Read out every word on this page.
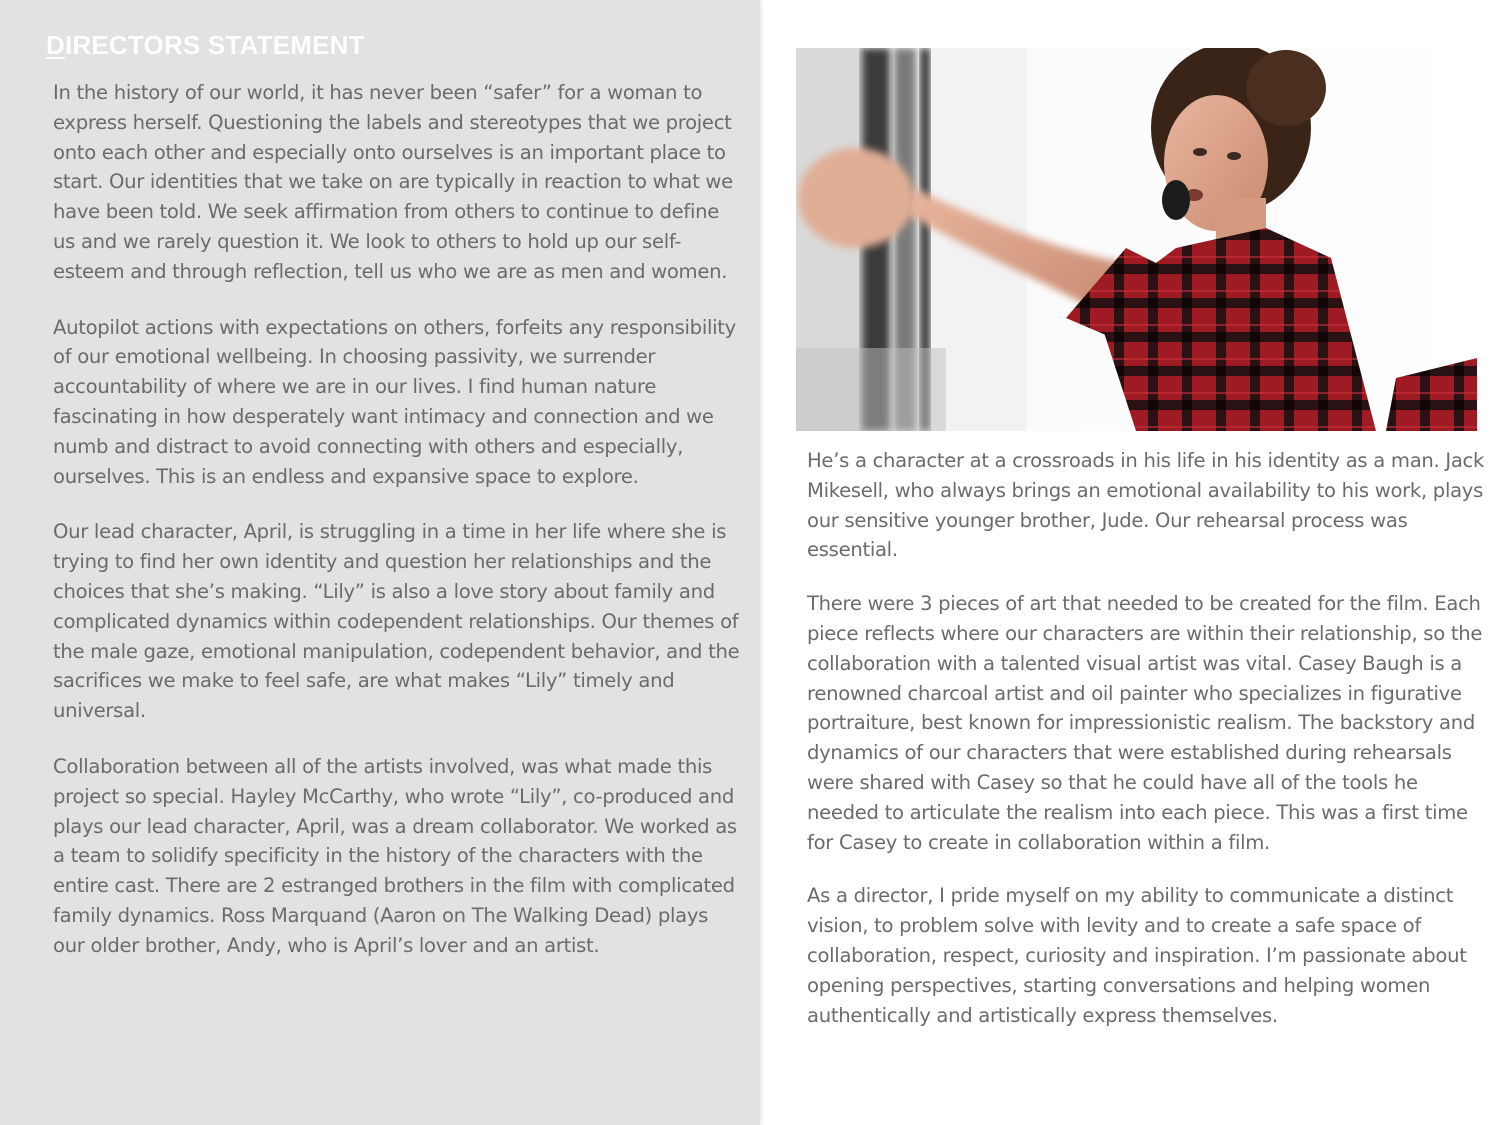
DIRECTORS STATEMENT

In the history of our world, it has never been “safer” for a woman to express herself. Questioning the labels and stereotypes that we project onto each other and especially onto ourselves is an important place to start. Our identities that we take on are typically in reaction to what we have been told. We seek affirmation from others to continue to define us and we rarely question it. We look to others to hold up our self-esteem and through reflection, tell us who we are as men and women.

Autopilot actions with expectations on others, forfeits any responsibility of our emotional wellbeing. In choosing passivity, we surrender accountability of where we are in our lives. I find human nature fascinating in how desperately want intimacy and connection and we numb and distract to avoid connecting with others and especially, ourselves. This is an endless and expansive space to explore.

Our lead character, April, is struggling in a time in her life where she is trying to find her own identity and question her relationships and the choices that she’s making. “Lily” is also a love story about family and complicated dynamics within codependent relationships. Our themes of the male gaze, emotional manipulation, codependent behavior, and the sacrifices we make to feel safe, are what makes “Lily” timely and universal.

Collaboration between all of the artists involved, was what made this project so special. Hayley McCarthy, who wrote “Lily”, co-produced and plays our lead character, April, was a dream collaborator. We worked as a team to solidify specificity in the history of the characters with the entire cast. There are 2 estranged brothers in the film with complicated family dynamics. Ross Marquand (Aaron on The Walking Dead) plays our older brother, Andy, who is April’s lover and an artist.

He’s a character at a crossroads in his life in his identity as a man. Jack Mikesell, who always brings an emotional availability to his work, plays our sensitive younger brother, Jude. Our rehearsal process was essential.

There were 3 pieces of art that needed to be created for the film. Each piece reflects where our characters are within their relationship, so the collaboration with a talented visual artist was vital. Casey Baugh is a renowned charcoal artist and oil painter who specializes in figurative portraiture, best known for impressionistic realism. The backstory and dynamics of our characters that were established during rehearsals were shared with Casey so that he could have all of the tools he needed to articulate the realism into each piece. This was a first time for Casey to create in collaboration within a film.

As a director, I pride myself on my ability to communicate a distinct vision, to problem solve with levity and to create a safe space of collaboration, respect, curiosity and inspiration. I’m passionate about opening perspectives, starting conversations and helping women authentically and artistically express themselves.
